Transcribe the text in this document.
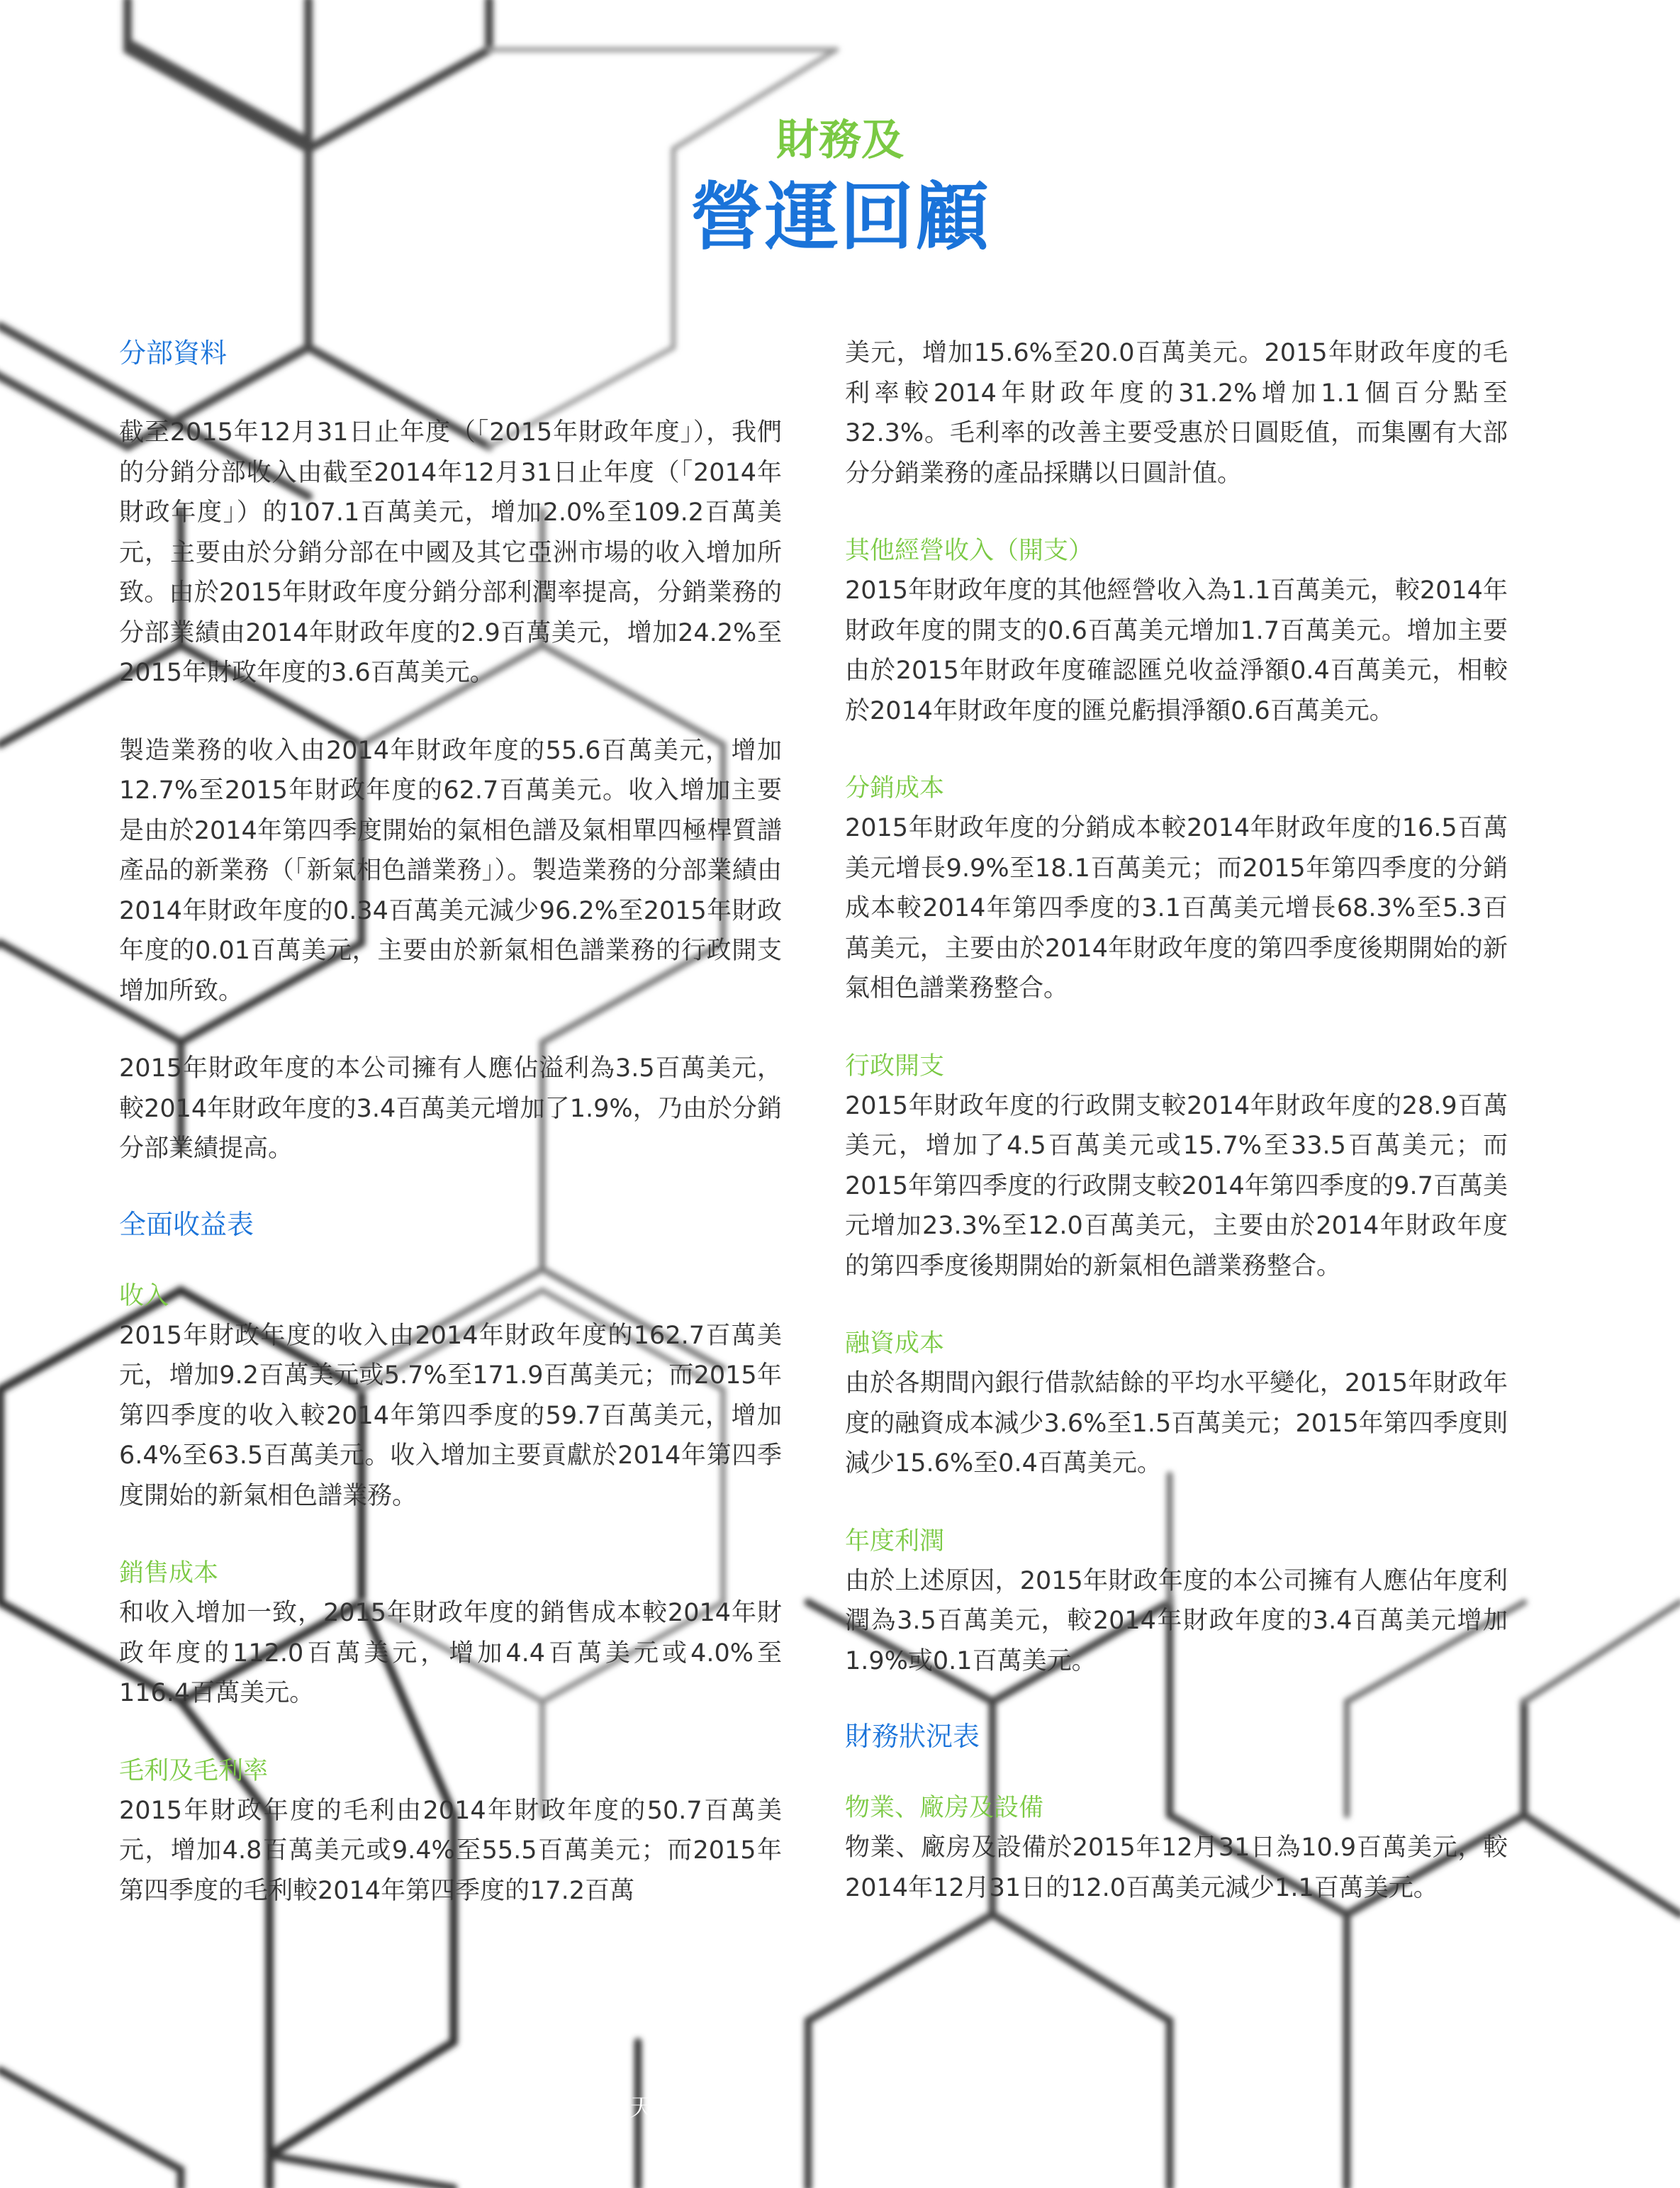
財務及
營運回顧
分部資料

截至2015年12月31日止年度（「2015年財政年度」），我們的分銷分部收入由截至2014年12月31日止年度（「2014年財政年度」）的107.1百萬美元，增加2.0%至109.2百萬美元，主要由於分銷分部在中國及其它亞洲市場的收入增加所致。由於2015年財政年度分銷分部利潤率提高，分銷業務的分部業績由2014年財政年度的2.9百萬美元，增加24.2%至2015年財政年度的3.6百萬美元。

製造業務的收入由2014年財政年度的55.6百萬美元，增加12.7%至2015年財政年度的62.7百萬美元。收入增加主要是由於2014年第四季度開始的氣相色譜及氣相單四極桿質譜產品的新業務（「新氣相色譜業務」）。製造業務的分部業績由2014年財政年度的0.34百萬美元減少96.2%至2015年財政年度的0.01百萬美元，主要由於新氣相色譜業務的行政開支增加所致。

2015年財政年度的本公司擁有人應佔溢利為3.5百萬美元，較2014年財政年度的3.4百萬美元增加了1.9%，乃由於分銷分部業績提高。

全面收益表
收入

2015年財政年度的收入由2014年財政年度的162.7百萬美元，增加9.2百萬美元或5.7%至171.9百萬美元；而2015年第四季度的收入較2014年第四季度的59.7百萬美元，增加6.4%至63.5百萬美元。收入增加主要貢獻於2014年第四季度開始的新氣相色譜業務。

銷售成本

和收入增加一致，2015年財政年度的銷售成本較2014年財政年度的112.0百萬美元，增加4.4百萬美元或4.0%至116.4百萬美元。

毛利及毛利率

2015年財政年度的毛利由2014年財政年度的50.7百萬美元，增加4.8百萬美元或9.4%至55.5百萬美元；而2015年第四季度的毛利較2014年第四季度的17.2百萬

美元，增加15.6%至20.0百萬美元。2015年財政年度的毛利率較2014年財政年度的31.2%增加1.1個百分點至32.3%。毛利率的改善主要受惠於日圓貶值，而集團有大部分分銷業務的產品採購以日圓計值。

其他經營收入（開支）

2015年財政年度的其他經營收入為1.1百萬美元，較2014年財政年度的開支的0.6百萬美元增加1.7百萬美元。增加主要由於2015年財政年度確認匯兑收益淨額0.4百萬美元，相較於2014年財政年度的匯兑虧損淨額0.6百萬美元。

分銷成本

2015年財政年度的分銷成本較2014年財政年度的16.5百萬美元增長9.9%至18.1百萬美元；而2015年第四季度的分銷成本較2014年第四季度的3.1百萬美元增長68.3%至5.3百萬美元，主要由於2014年財政年度的第四季度後期開始的新氣相色譜業務整合。

行政開支

2015年財政年度的行政開支較2014年財政年度的28.9百萬美元，增加了4.5百萬美元或15.7%至33.5百萬美元；而2015年第四季度的行政開支較2014年第四季度的9.7百萬美元增加23.3%至12.0百萬美元，主要由於2014年財政年度的第四季度後期開始的新氣相色譜業務整合。

融資成本

由於各期間內銀行借款結餘的平均水平變化，2015年財政年度的融資成本減少3.6%至1.5百萬美元；2015年第四季度則減少15.6%至0.4百萬美元。

年度利潤

由於上述原因，2015年財政年度的本公司擁有人應佔年度利潤為3.5百萬美元，較2014年財政年度的3.4百萬美元增加1.9%或0.1百萬美元。

財務狀況表
物業、廠房及設備

物業、廠房及設備於2015年12月31日為10.9百萬美元，較2014年12月31日的12.0百萬美元減少1.1百萬美元。

天	二
